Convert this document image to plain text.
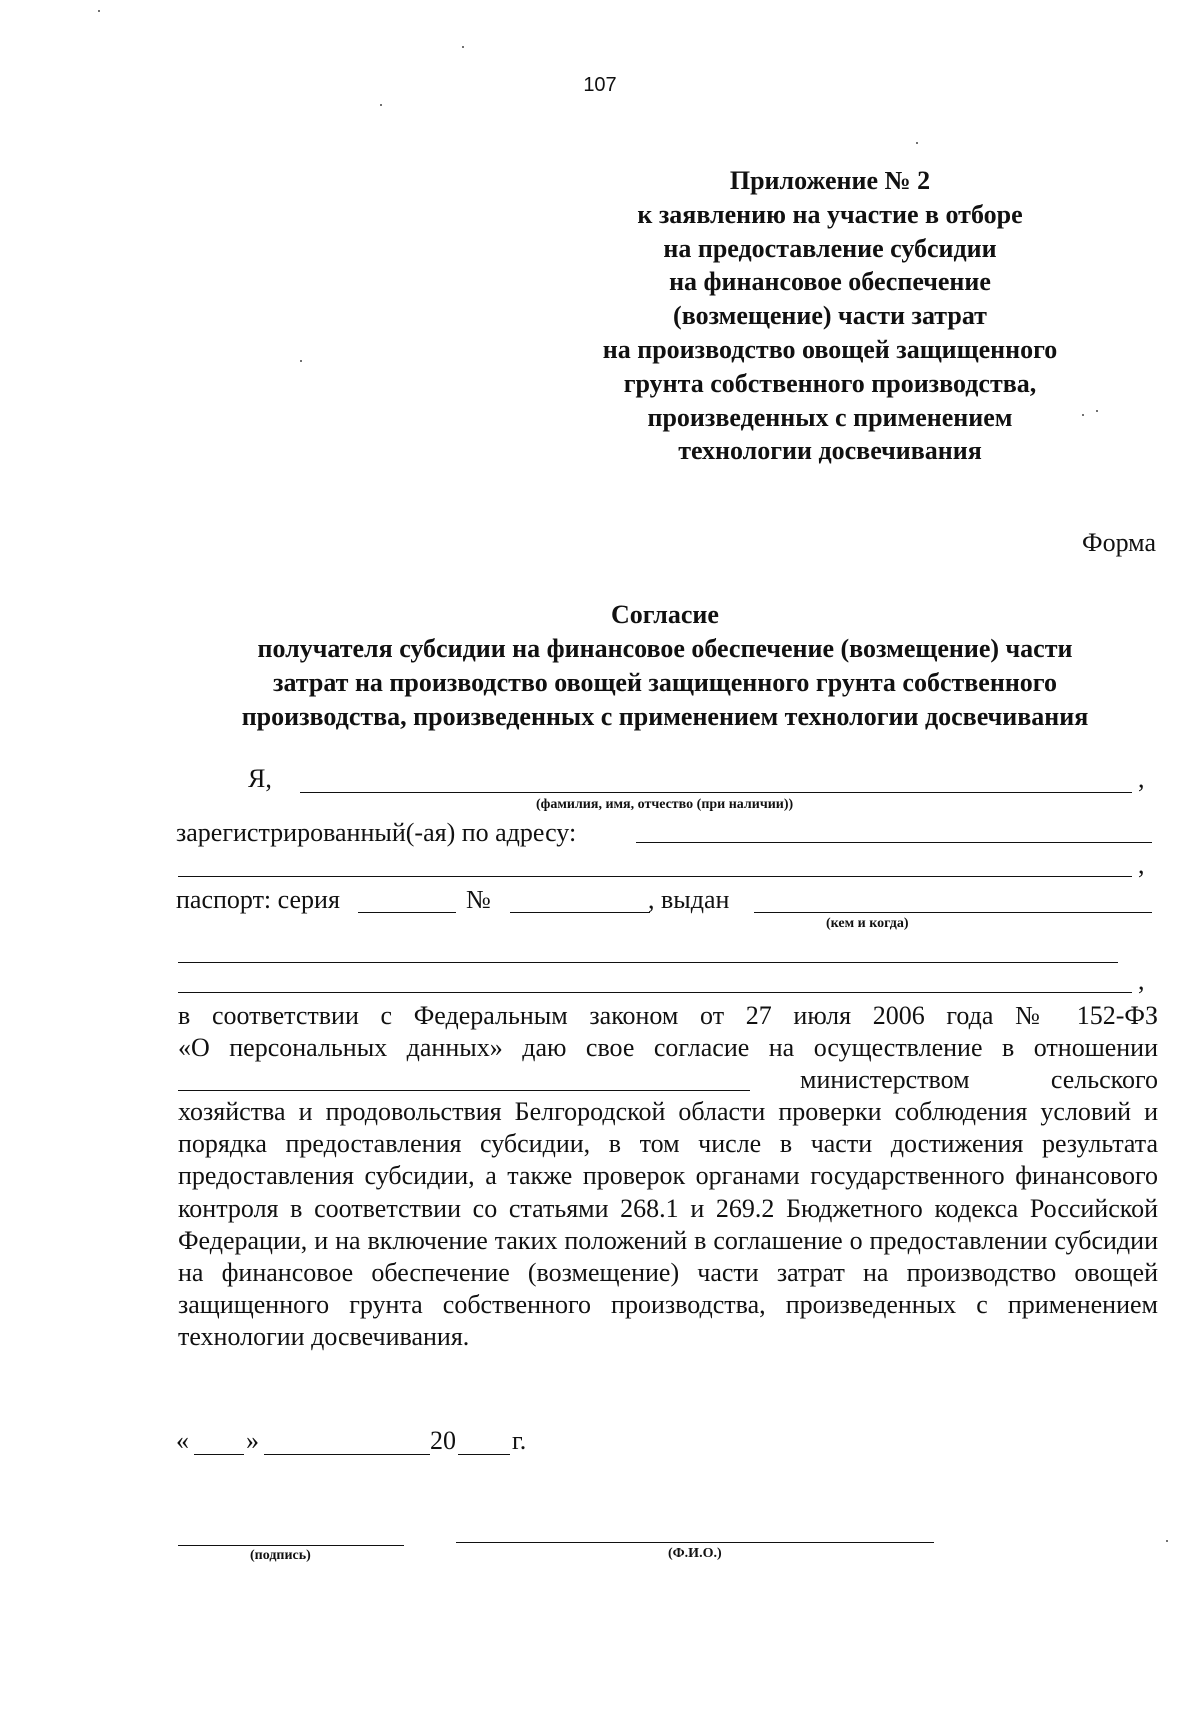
107
Приложение № 2
к заявлению на участие в отборе
на предоставление субсидии
на финансовое обеспечение
(возмещение) части затрат
на производство овощей защищенного
грунта собственного производства,
произведенных с применением
технологии досвечивания
Форма
Согласие
получателя субсидии на финансовое обеспечение (возмещение) части
затрат на производство овощей защищенного грунта собственного
производства, произведенных с применением технологии досвечивания
Я,	,
(фамилия, имя, отчество (при наличии))
зарегистрированный(-ая) по адресу:
,
паспорт: серия	№	, выдан
(кем и когда)
,
в соответствии с Федеральным законом от 27 июля 2006 года № 152-ФЗ
«О персональных данных» даю свое согласие на осуществление в отношении
министерством сельского
хозяйства и продовольствия Белгородской области проверки соблюдения условий и порядка предоставления субсидии, в том числе в части достижения результата предоставления субсидии, а также проверок органами государственного финансового контроля в соответствии со статьями 268.1 и 269.2 Бюджетного кодекса Российской Федерации, и на включение таких положений в соглашение о предоставлении субсидии на финансовое обеспечение (возмещение) части затрат на производство овощей защищенного грунта собственного производства, произведенных с применением технологии досвечивания.
« »	20 г.
(подпись)	(Ф.И.О.)
